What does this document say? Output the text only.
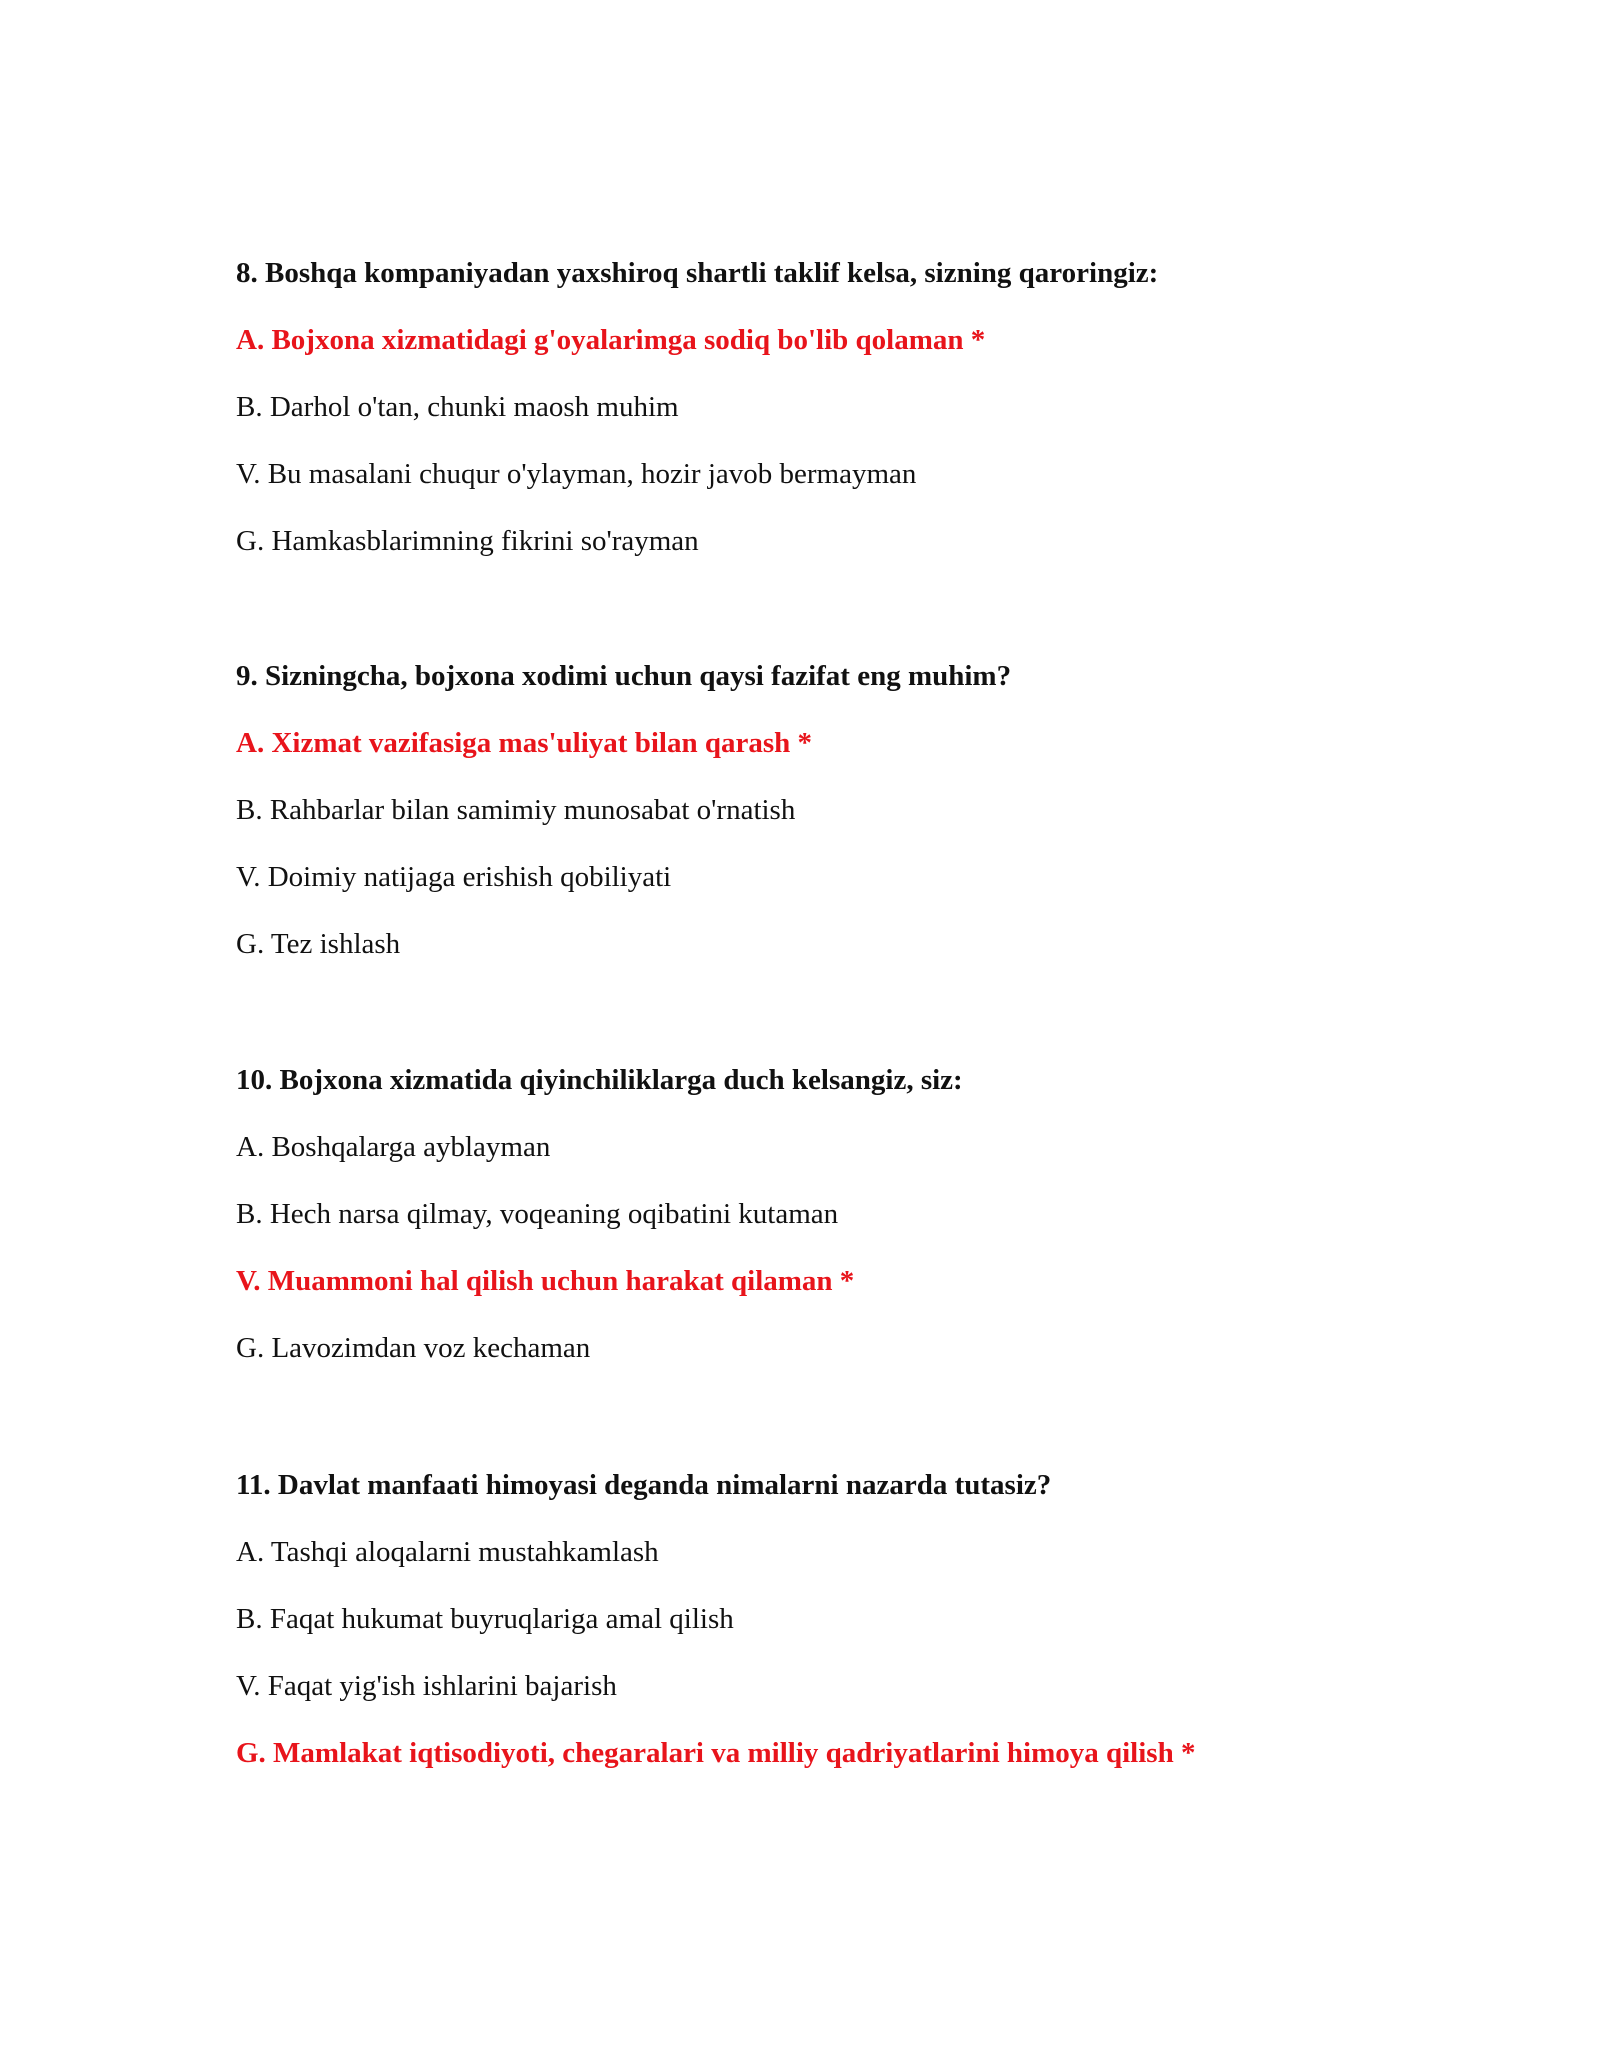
8. Boshqa kompaniyadan yaxshiroq shartli taklif kelsa, sizning qaroringiz:
A. Bojxona xizmatidagi g'oyalarimga sodiq bo'lib qolaman *
B. Darhol o'tan, chunki maosh muhim
V. Bu masalani chuqur o'ylayman, hozir javob bermayman
G. Hamkasblarimning fikrini so'rayman
9. Sizningcha, bojxona xodimi uchun qaysi fazifat eng muhim?
A. Xizmat vazifasiga mas'uliyat bilan qarash *
B. Rahbarlar bilan samimiy munosabat o'rnatish
V. Doimiy natijaga erishish qobiliyati
G. Tez ishlash
10. Bojxona xizmatida qiyinchiliklarga duch kelsangiz, siz:
A. Boshqalarga ayblayman
B. Hech narsa qilmay, voqeaning oqibatini kutaman
V. Muammoni hal qilish uchun harakat qilaman *
G. Lavozimdan voz kechaman
11. Davlat manfaati himoyasi deganda nimalarni nazarda tutasiz?
A. Tashqi aloqalarni mustahkamlash
B. Faqat hukumat buyruqlariga amal qilish
V. Faqat yig'ish ishlarini bajarish
G. Mamlakat iqtisodiyoti, chegaralari va milliy qadriyatlarini himoya qilish *
